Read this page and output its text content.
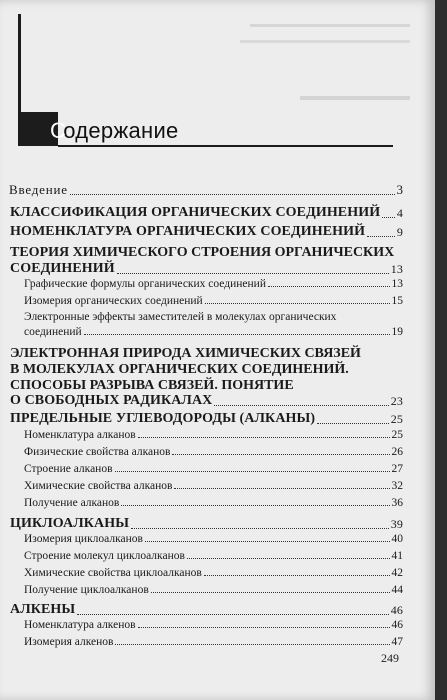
Содержание
Введение	3
КЛАССИФИКАЦИЯ ОРГАНИЧЕСКИХ СОЕДИНЕНИЙ 4
НОМЕНКЛАТУРА ОРГАНИЧЕСКИХ СОЕДИНЕНИЙ	9
ТЕОРИЯ ХИМИЧЕСКОГО СТРОЕНИЯ ОРГАНИЧЕСКИХ
СОЕДИНЕНИЙ	13
Графические формулы органических соединений	13
Изомерия органических соединений	15
Электронные эффекты заместителей в молекулах органических
соединений	19
ЭЛЕКТРОННАЯ ПРИРОДА ХИМИЧЕСКИХ СВЯЗЕЙ
В МОЛЕКУЛАХ ОРГАНИЧЕСКИХ СОЕДИНЕНИЙ.
СПОСОБЫ РАЗРЫВА СВЯЗЕЙ. ПОНЯТИЕ
О СВОБОДНЫХ РАДИКАЛАХ	23
ПРЕДЕЛЬНЫЕ УГЛЕВОДОРОДЫ (АЛКАНЫ)	25
Номенклатура алканов	25
Физические свойства алканов	26
Строение алканов	27
Химические свойства алканов	32
Получение алканов	36
ЦИКЛОАЛКАНЫ	39
Изомерия циклоалканов	40
Строение молекул циклоалканов	41
Химические свойства циклоалканов	42
Получение циклоалканов	44
АЛКЕНЫ	46
Номенклатура алкенов	46
Изомерия алкенов	47
249
